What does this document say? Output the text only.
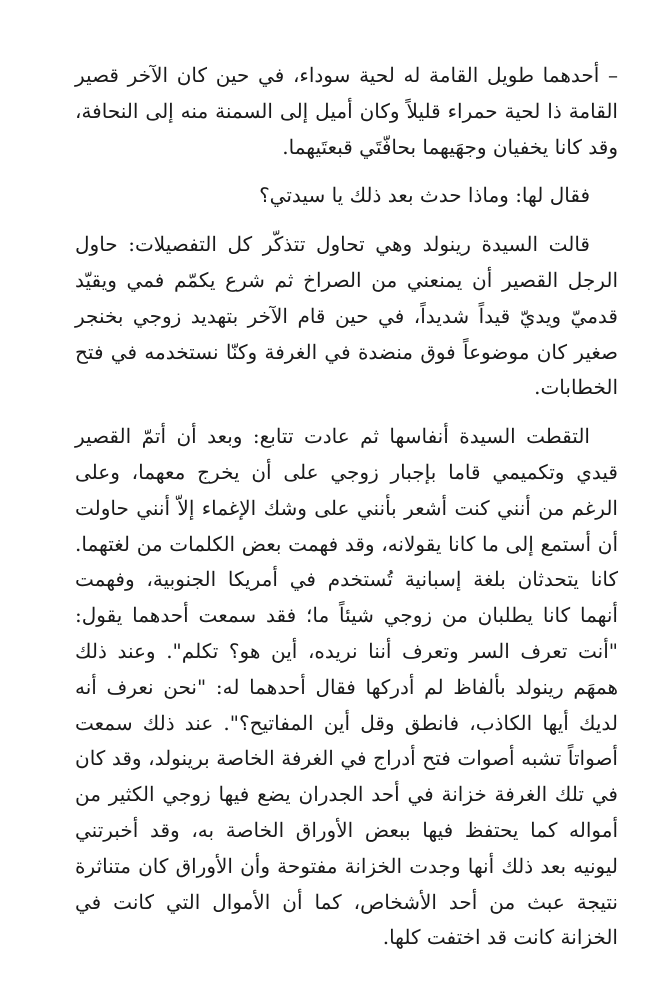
– أحدهما طويل القامة له لحية سوداء، في حين كان الآخر قصير القامة ذا لحية حمراء قليلاً وكان أميل إلى السمنة منه إلى النحافة، وقد كانا يخفيان وجهَيهما بحافّتَي قبعتَيهما.

فقال لها: وماذا حدث بعد ذلك يا سيدتي؟

قالت السيدة رينولد وهي تحاول تتذكّر كل التفصيلات: حاول الرجل القصير أن يمنعني من الصراخ ثم شرع يكمّم فمي ويقيّد قدميّ ويديّ قيداً شديداً، في حين قام الآخر بتهديد زوجي بخنجر صغير كان موضوعاً فوق منضدة في الغرفة وكنّا نستخدمه في فتح الخطابات.

التقطت السيدة أنفاسها ثم عادت تتابع: وبعد أن أتمّ القصير قيدي وتكميمي قاما بإجبار زوجي على أن يخرج معهما، وعلى الرغم من أنني كنت أشعر بأنني على وشك الإغماء إلاّ أنني حاولت أن أستمع إلى ما كانا يقولانه، وقد فهمت بعض الكلمات من لغتهما. كانا يتحدثان بلغة إسبانية تُستخدم في أمريكا الجنوبية، وفهمت أنهما كانا يطلبان من زوجي شيئاً ما؛ فقد سمعت أحدهما يقول: "أنت تعرف السر وتعرف أننا نريده، أين هو؟ تكلم". وعند ذلك همهَم رينولد بألفاظ لم أدركها فقال أحدهما له: "نحن نعرف أنه لديك أيها الكاذب، فانطق وقل أين المفاتيح؟". عند ذلك سمعت أصواتاً تشبه أصوات فتح أدراج في الغرفة الخاصة برينولد، وقد كان في تلك الغرفة خزانة في أحد الجدران يضع فيها زوجي الكثير من أمواله كما يحتفظ فيها ببعض الأوراق الخاصة به، وقد أخبرتني ليونيه بعد ذلك أنها وجدت الخزانة مفتوحة وأن الأوراق كان متناثرة نتيجة عبث من أحد الأشخاص، كما أن الأموال التي كانت في الخزانة كانت قد اختفت كلها.
